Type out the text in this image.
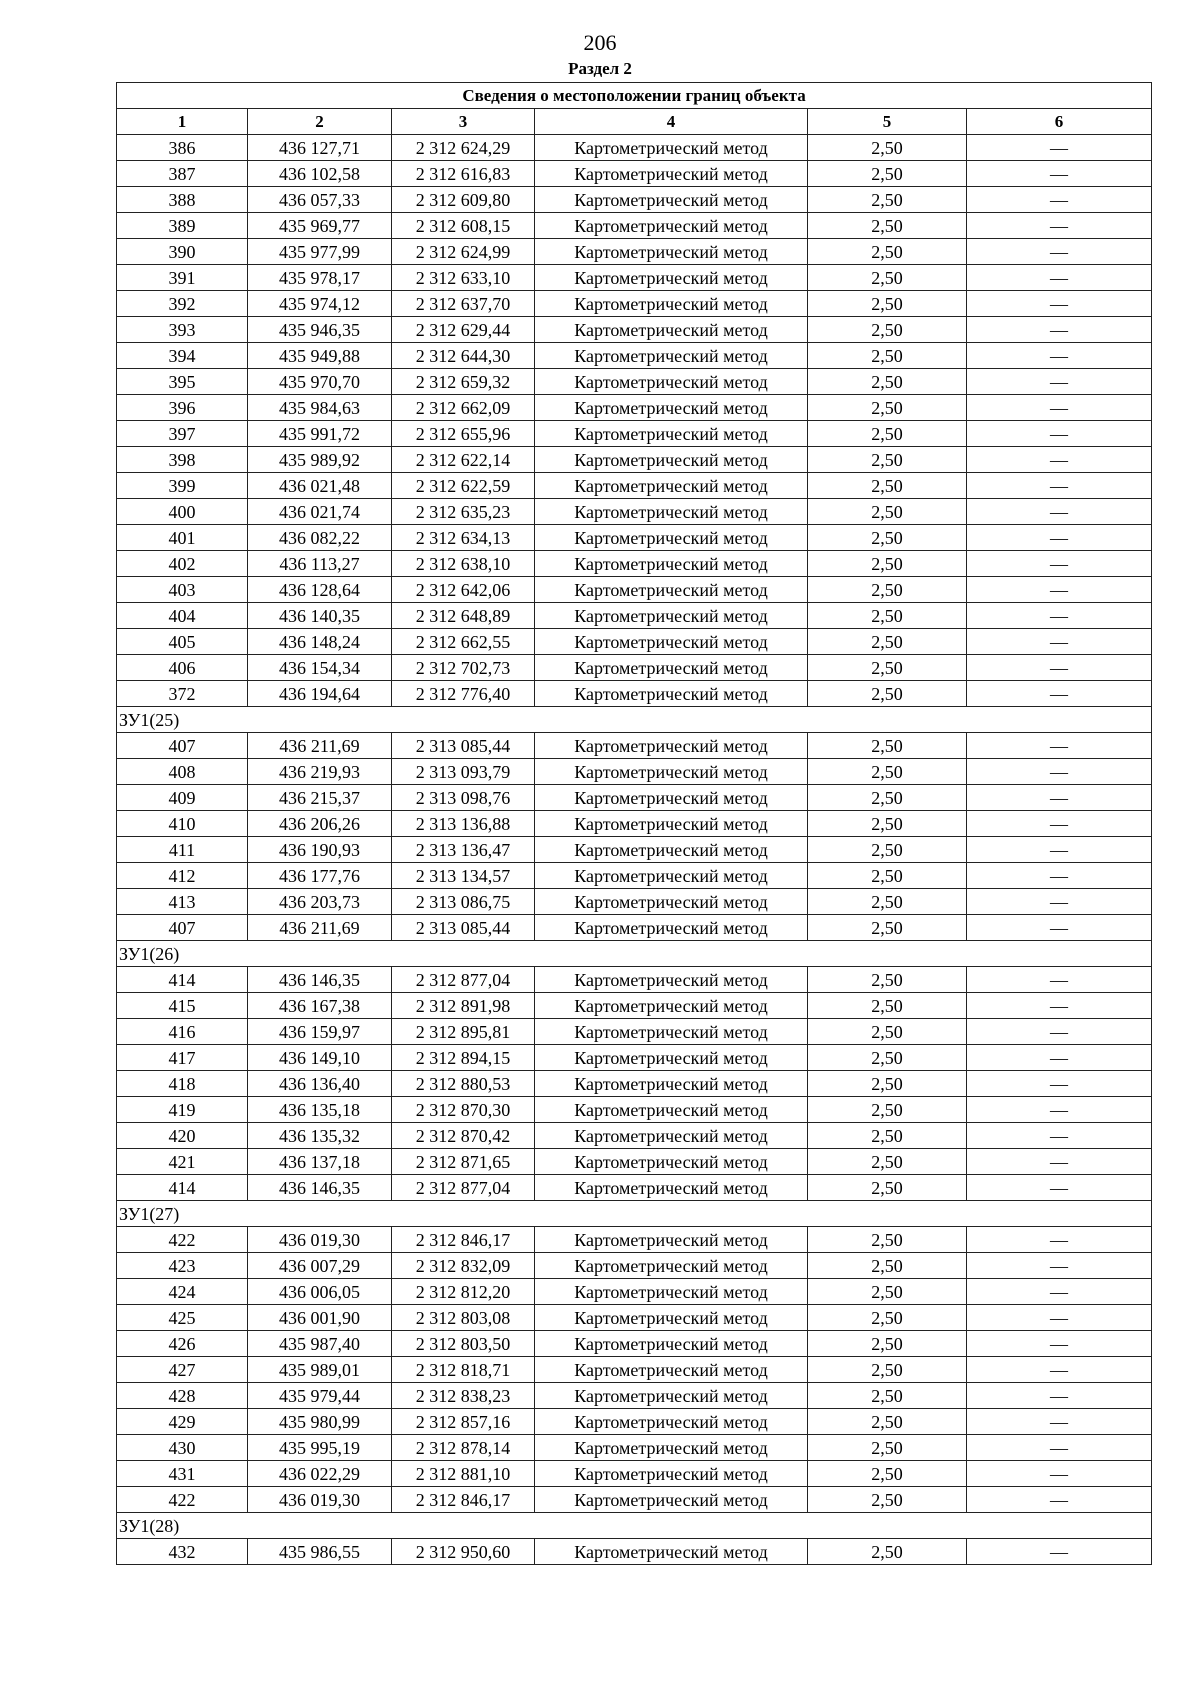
206
Раздел 2
Сведения о местоположении границ объекта					
1	2	3	4	5	6
386	436 127,71	2 312 624,29	Картометрический метод	2,50	—
387	436 102,58	2 312 616,83	Картометрический метод	2,50	—
388	436 057,33	2 312 609,80	Картометрический метод	2,50	—
389	435 969,77	2 312 608,15	Картометрический метод	2,50	—
390	435 977,99	2 312 624,99	Картометрический метод	2,50	—
391	435 978,17	2 312 633,10	Картометрический метод	2,50	—
392	435 974,12	2 312 637,70	Картометрический метод	2,50	—
393	435 946,35	2 312 629,44	Картометрический метод	2,50	—
394	435 949,88	2 312 644,30	Картометрический метод	2,50	—
395	435 970,70	2 312 659,32	Картометрический метод	2,50	—
396	435 984,63	2 312 662,09	Картометрический метод	2,50	—
397	435 991,72	2 312 655,96	Картометрический метод	2,50	—
398	435 989,92	2 312 622,14	Картометрический метод	2,50	—
399	436 021,48	2 312 622,59	Картометрический метод	2,50	—
400	436 021,74	2 312 635,23	Картометрический метод	2,50	—
401	436 082,22	2 312 634,13	Картометрический метод	2,50	—
402	436 113,27	2 312 638,10	Картометрический метод	2,50	—
403	436 128,64	2 312 642,06	Картометрический метод	2,50	—
404	436 140,35	2 312 648,89	Картометрический метод	2,50	—
405	436 148,24	2 312 662,55	Картометрический метод	2,50	—
406	436 154,34	2 312 702,73	Картометрический метод	2,50	—
372	436 194,64	2 312 776,40	Картометрический метод	2,50	—
ЗУ1(25)					
407	436 211,69	2 313 085,44	Картометрический метод	2,50	—
408	436 219,93	2 313 093,79	Картометрический метод	2,50	—
409	436 215,37	2 313 098,76	Картометрический метод	2,50	—
410	436 206,26	2 313 136,88	Картометрический метод	2,50	—
411	436 190,93	2 313 136,47	Картометрический метод	2,50	—
412	436 177,76	2 313 134,57	Картометрический метод	2,50	—
413	436 203,73	2 313 086,75	Картометрический метод	2,50	—
407	436 211,69	2 313 085,44	Картометрический метод	2,50	—
ЗУ1(26)					
414	436 146,35	2 312 877,04	Картометрический метод	2,50	—
415	436 167,38	2 312 891,98	Картометрический метод	2,50	—
416	436 159,97	2 312 895,81	Картометрический метод	2,50	—
417	436 149,10	2 312 894,15	Картометрический метод	2,50	—
418	436 136,40	2 312 880,53	Картометрический метод	2,50	—
419	436 135,18	2 312 870,30	Картометрический метод	2,50	—
420	436 135,32	2 312 870,42	Картометрический метод	2,50	—
421	436 137,18	2 312 871,65	Картометрический метод	2,50	—
414	436 146,35	2 312 877,04	Картометрический метод	2,50	—
ЗУ1(27)					
422	436 019,30	2 312 846,17	Картометрический метод	2,50	—
423	436 007,29	2 312 832,09	Картометрический метод	2,50	—
424	436 006,05	2 312 812,20	Картометрический метод	2,50	—
425	436 001,90	2 312 803,08	Картометрический метод	2,50	—
426	435 987,40	2 312 803,50	Картометрический метод	2,50	—
427	435 989,01	2 312 818,71	Картометрический метод	2,50	—
428	435 979,44	2 312 838,23	Картометрический метод	2,50	—
429	435 980,99	2 312 857,16	Картометрический метод	2,50	—
430	435 995,19	2 312 878,14	Картометрический метод	2,50	—
431	436 022,29	2 312 881,10	Картометрический метод	2,50	—
422	436 019,30	2 312 846,17	Картометрический метод	2,50	—
ЗУ1(28)					
432	435 986,55	2 312 950,60	Картометрический метод	2,50	—
